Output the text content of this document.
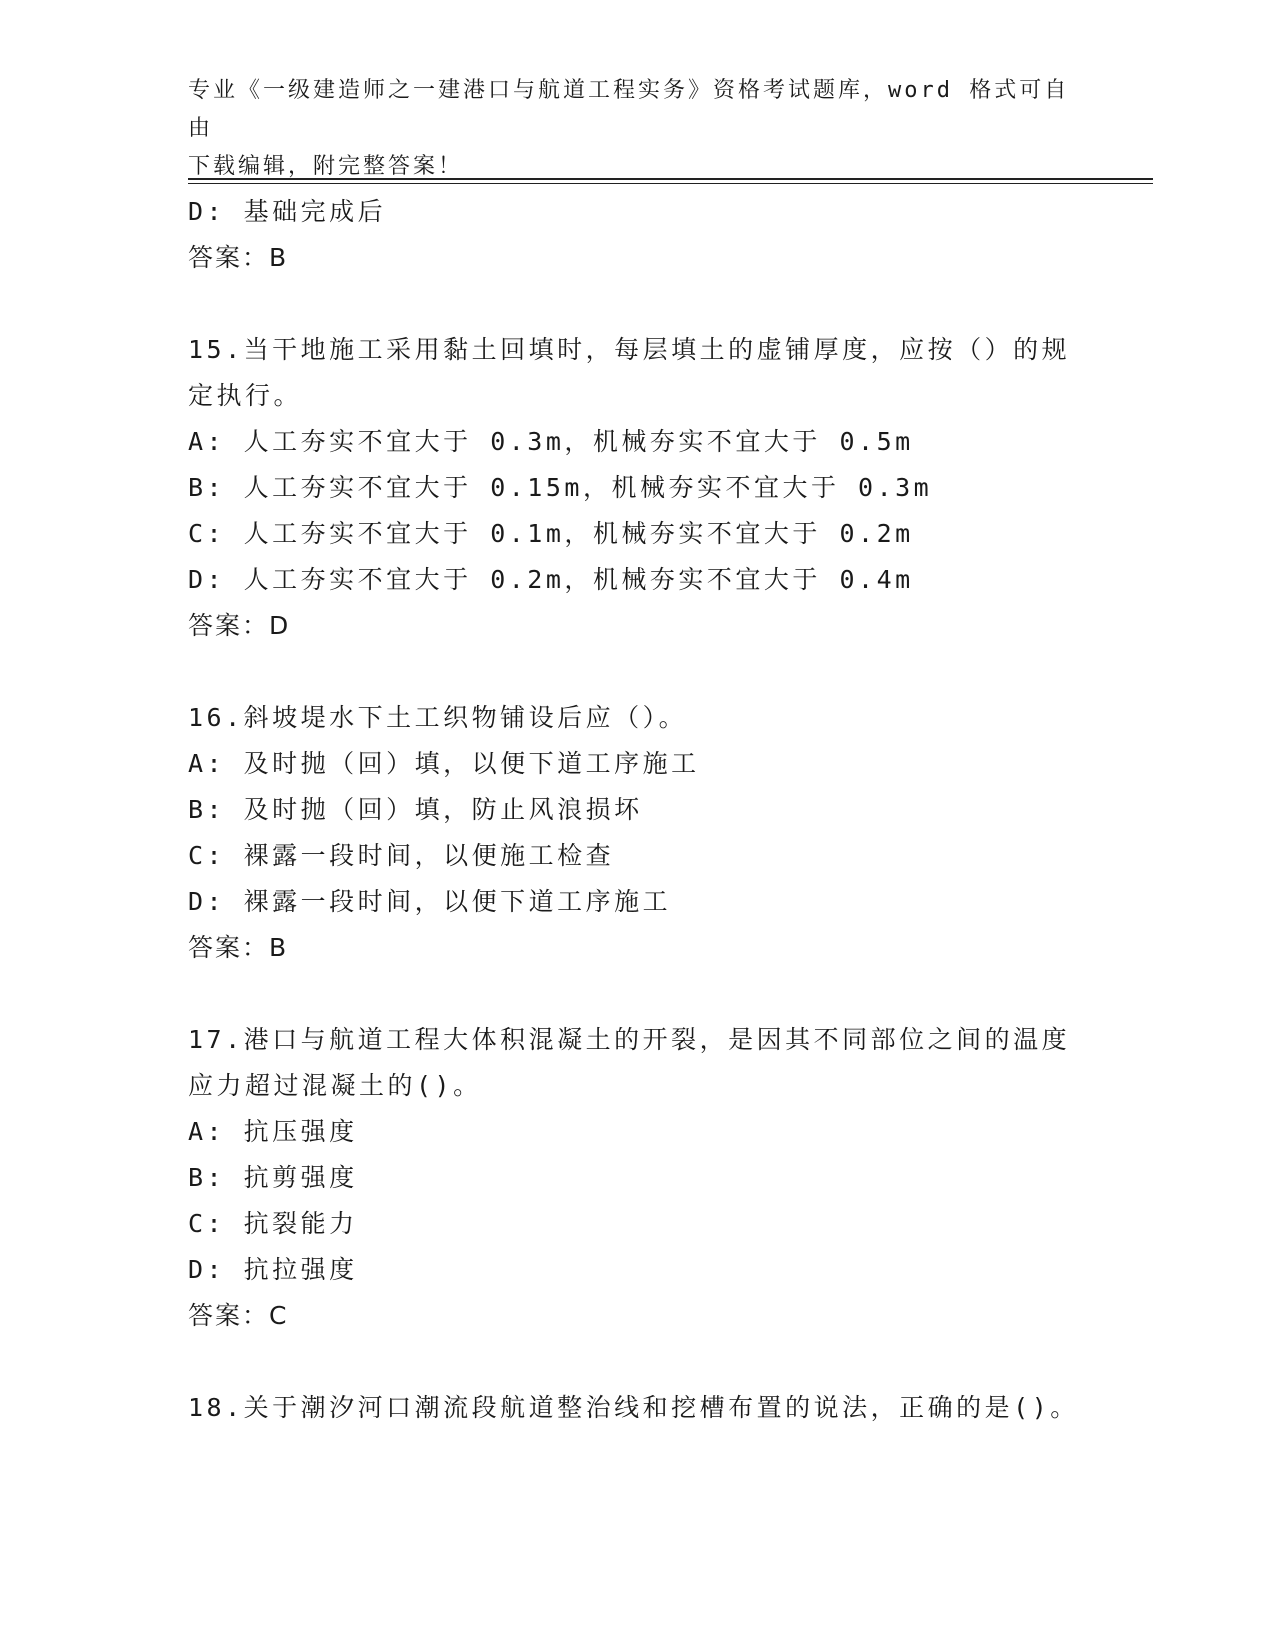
专业《一级建造师之一建港口与航道工程实务》资格考试题库，word 格式可自由
下载编辑，附完整答案！
D: 基础完成后
答案：B
15.当干地施工采用黏土回填时，每层填土的虚铺厚度，应按（）的规
定执行。
A: 人工夯实不宜大于 0.3m，机械夯实不宜大于 0.5m
B: 人工夯实不宜大于 0.15m，机械夯实不宜大于 0.3m
C: 人工夯实不宜大于 0.1m，机械夯实不宜大于 0.2m
D: 人工夯实不宜大于 0.2m，机械夯实不宜大于 0.4m
答案：D
16.斜坡堤水下土工织物铺设后应（）。
A: 及时抛（回）填，以便下道工序施工
B: 及时抛（回）填，防止风浪损坏
C: 裸露一段时间，以便施工检查
D: 裸露一段时间，以便下道工序施工
答案：B
17.港口与航道工程大体积混凝土的开裂，是因其不同部位之间的温度
应力超过混凝土的()。
A: 抗压强度
B: 抗剪强度
C: 抗裂能力
D: 抗拉强度
答案：C
18.关于潮汐河口潮流段航道整治线和挖槽布置的说法，正确的是()。
